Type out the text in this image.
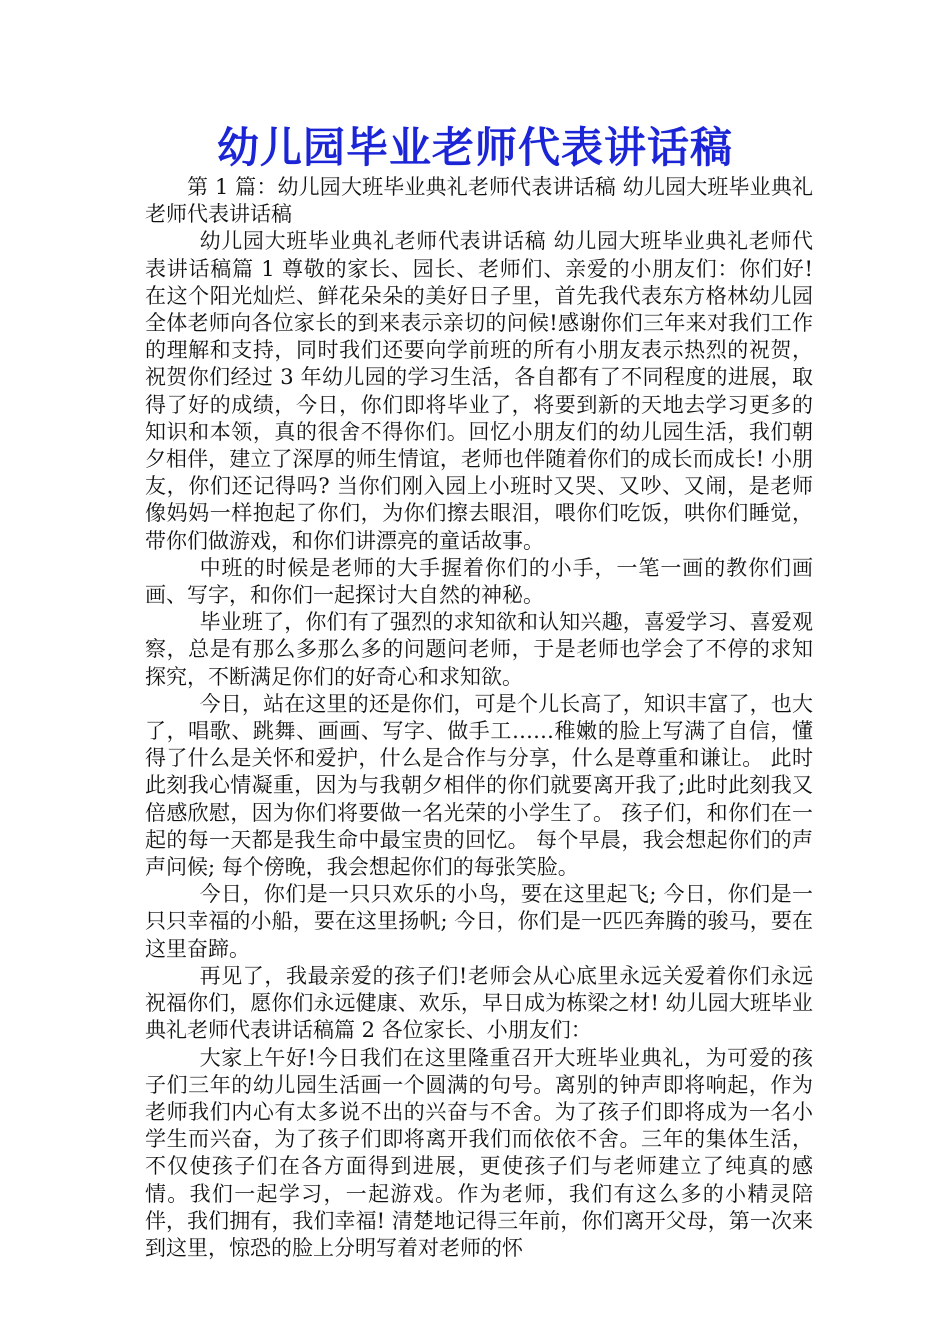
幼儿园毕业老师代表讲话稿

第 1 篇：幼儿园大班毕业典礼老师代表讲话稿 幼儿园大班毕业典礼老师代表讲话稿

幼儿园大班毕业典礼老师代表讲话稿 幼儿园大班毕业典礼老师代表讲话稿篇 1 尊敬的家长、园长、老师们、亲爱的小朋友们：你们好! 在这个阳光灿烂、鲜花朵朵的美好日子里，首先我代表东方格林幼儿园全体老师向各位家长的到来表示亲切的问候!感谢你们三年来对我们工作的理解和支持，同时我们还要向学前班的所有小朋友表示热烈的祝贺，祝贺你们经过 3 年幼儿园的学习生活，各自都有了不同程度的进展，取得了好的成绩，今日，你们即将毕业了，将要到新的天地去学习更多的知识和本领，真的很舍不得你们。回忆小朋友们的幼儿园生活，我们朝夕相伴，建立了深厚的师生情谊，老师也伴随着你们的成长而成长! 小朋友，你们还记得吗? 当你们刚入园上小班时又哭、又吵、又闹，是老师像妈妈一样抱起了你们，为你们擦去眼泪，喂你们吃饭，哄你们睡觉，带你们做游戏，和你们讲漂亮的童话故事。

中班的时候是老师的大手握着你们的小手，一笔一画的教你们画画、写字，和你们一起探讨大自然的神秘。

毕业班了，你们有了强烈的求知欲和认知兴趣，喜爱学习、喜爱观察，总是有那么多那么多的问题问老师，于是老师也学会了不停的求知探究，不断满足你们的好奇心和求知欲。

今日，站在这里的还是你们，可是个儿长高了，知识丰富了，也大了，唱歌、跳舞、画画、写字、做手工……稚嫩的脸上写满了自信，懂得了什么是关怀和爱护，什么是合作与分享，什么是尊重和谦让。 此时此刻我心情凝重，因为与我朝夕相伴的你们就要离开我了;此时此刻我又倍感欣慰，因为你们将要做一名光荣的小学生了。 孩子们，和你们在一起的每一天都是我生命中最宝贵的回忆。 每个早晨，我会想起你们的声声问候; 每个傍晚，我会想起你们的每张笑脸。

今日，你们是一只只欢乐的小鸟，要在这里起飞; 今日，你们是一只只幸福的小船，要在这里扬帆; 今日，你们是一匹匹奔腾的骏马，要在这里奋蹄。

再见了，我最亲爱的孩子们!老师会从心底里永远关爱着你们永远祝福你们，愿你们永远健康、欢乐，早日成为栋梁之材! 幼儿园大班毕业典礼老师代表讲话稿篇 2 各位家长、小朋友们：

大家上午好!今日我们在这里隆重召开大班毕业典礼，为可爱的孩子们三年的幼儿园生活画一个圆满的句号。离别的钟声即将响起，作为老师我们内心有太多说不出的兴奋与不舍。为了孩子们即将成为一名小学生而兴奋，为了孩子们即将离开我们而依依不舍。三年的集体生活，不仅使孩子们在各方面得到进展，更使孩子们与老师建立了纯真的感情。我们一起学习，一起游戏。作为老师，我们有这么多的小精灵陪伴，我们拥有，我们幸福! 清楚地记得三年前，你们离开父母，第一次来到这里，惊恐的脸上分明写着对老师的怀
